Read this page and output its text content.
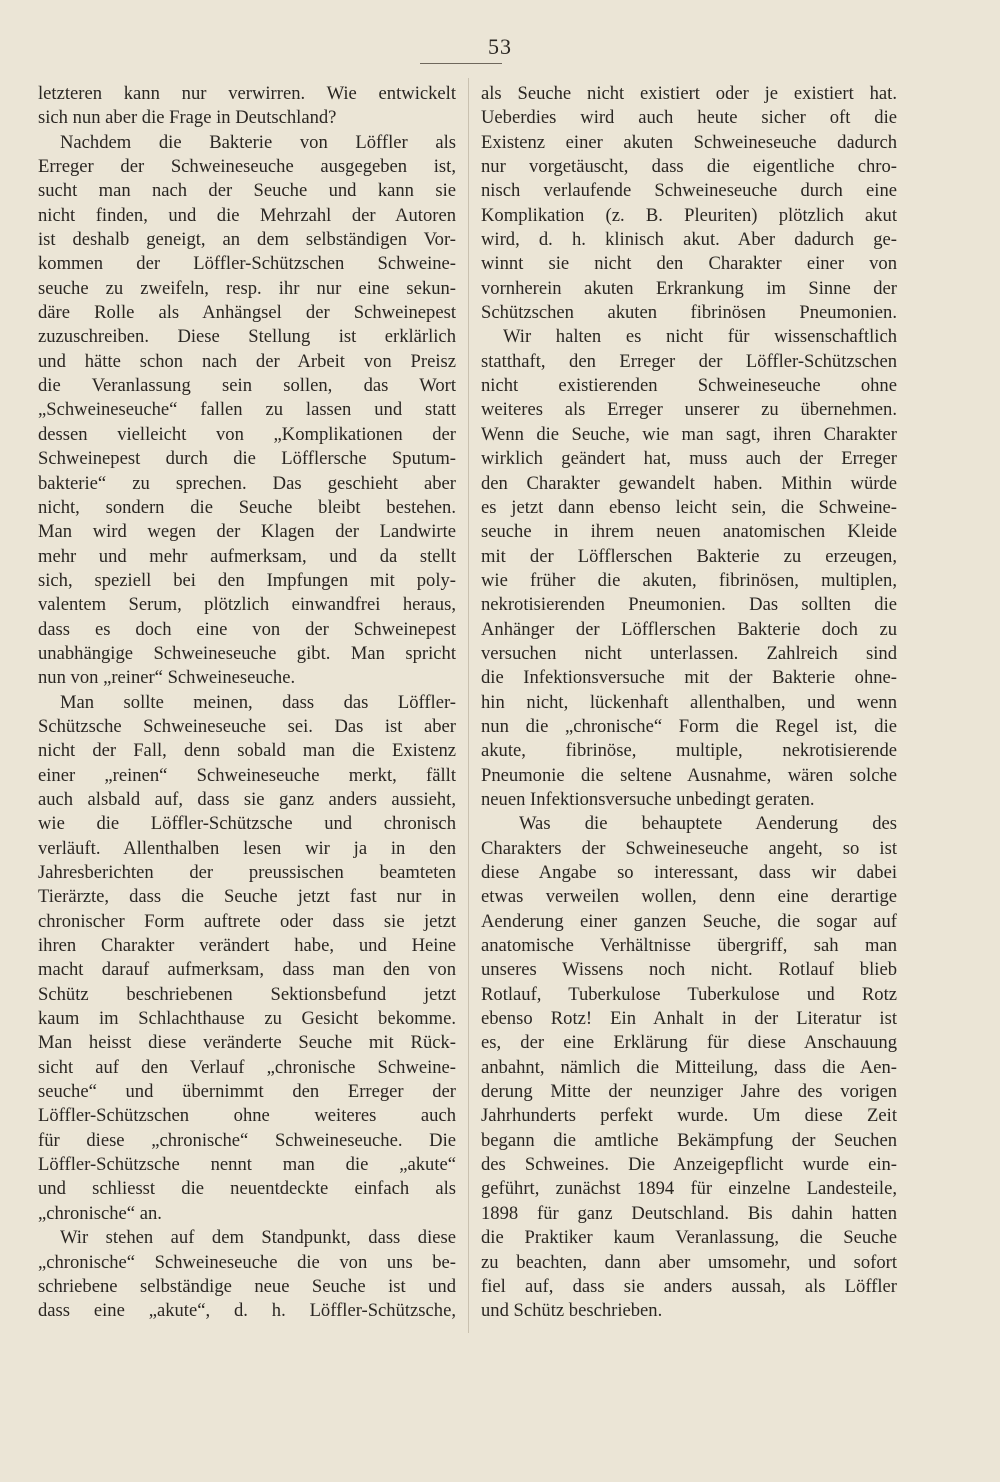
53
letzteren kann nur verwirren. Wie entwickelt
sich nun aber die Frage in Deutschland?
Nachdem die Bakterie von Löffler als
Erreger der Schweineseuche ausgegeben ist,
sucht man nach der Seuche und kann sie
nicht finden, und die Mehrzahl der Autoren
ist deshalb geneigt, an dem selbständigen Vor-
kommen der Löffler-Schützschen Schweine-
seuche zu zweifeln, resp. ihr nur eine sekun-
däre Rolle als Anhängsel der Schweinepest
zuzuschreiben. Diese Stellung ist erklärlich
und hätte schon nach der Arbeit von Preisz
die Veranlassung sein sollen, das Wort
„Schweineseuche“ fallen zu lassen und statt
dessen vielleicht von „Komplikationen der
Schweinepest durch die Löfflersche Sputum-
bakterie“ zu sprechen. Das geschieht aber
nicht, sondern die Seuche bleibt bestehen.
Man wird wegen der Klagen der Landwirte
mehr und mehr aufmerksam, und da stellt
sich, speziell bei den Impfungen mit poly-
valentem Serum, plötzlich einwandfrei heraus,
dass es doch eine von der Schweinepest
unabhängige Schweineseuche gibt. Man spricht
nun von „reiner“ Schweineseuche.
Man sollte meinen, dass das Löffler-
Schützsche Schweineseuche sei. Das ist aber
nicht der Fall, denn sobald man die Existenz
einer „reinen“ Schweineseuche merkt, fällt
auch alsbald auf, dass sie ganz anders aussieht,
wie die Löffler-Schützsche und chronisch
verläuft. Allenthalben lesen wir ja in den
Jahresberichten der preussischen beamteten
Tierärzte, dass die Seuche jetzt fast nur in
chronischer Form auftrete oder dass sie jetzt
ihren Charakter verändert habe, und Heine
macht darauf aufmerksam, dass man den von
Schütz beschriebenen Sektionsbefund jetzt
kaum im Schlachthause zu Gesicht bekomme.
Man heisst diese veränderte Seuche mit Rück-
sicht auf den Verlauf „chronische Schweine-
seuche“ und übernimmt den Erreger der
Löffler-Schützschen ohne weiteres auch
für diese „chronische“ Schweineseuche. Die
Löffler-Schützsche nennt man die „akute“
und schliesst die neuentdeckte einfach als
„chronische“ an.
Wir stehen auf dem Standpunkt, dass diese
„chronische“ Schweineseuche die von uns be-
schriebene selbständige neue Seuche ist und
dass eine „akute“, d. h. Löffler-Schützsche,
als Seuche nicht existiert oder je existiert hat.
Ueberdies wird auch heute sicher oft die
Existenz einer akuten Schweineseuche dadurch
nur vorgetäuscht, dass die eigentliche chro-
nisch verlaufende Schweineseuche durch eine
Komplikation (z. B. Pleuriten) plötzlich akut
wird, d. h. klinisch akut. Aber dadurch ge-
winnt sie nicht den Charakter einer von
vornherein akuten Erkrankung im Sinne der
Schützschen akuten fibrinösen Pneumonien.
Wir halten es nicht für wissenschaftlich
statthaft, den Erreger der Löffler-Schützschen
nicht existierenden Schweineseuche ohne
weiteres als Erreger unserer zu übernehmen.
Wenn die Seuche, wie man sagt, ihren Charakter
wirklich geändert hat, muss auch der Erreger
den Charakter gewandelt haben. Mithin würde
es jetzt dann ebenso leicht sein, die Schweine-
seuche in ihrem neuen anatomischen Kleide
mit der Löfflerschen Bakterie zu erzeugen,
wie früher die akuten, fibrinösen, multiplen,
nekrotisierenden Pneumonien. Das sollten die
Anhänger der Löfflerschen Bakterie doch zu
versuchen nicht unterlassen. Zahlreich sind
die Infektionsversuche mit der Bakterie ohne-
hin nicht, lückenhaft allenthalben, und wenn
nun die „chronische“ Form die Regel ist, die
akute, fibrinöse, multiple, nekrotisierende
Pneumonie die seltene Ausnahme, wären solche
neuen Infektionsversuche unbedingt geraten.
Was die behauptete Aenderung des
Charakters der Schweineseuche angeht, so ist
diese Angabe so interessant, dass wir dabei
etwas verweilen wollen, denn eine derartige
Aenderung einer ganzen Seuche, die sogar auf
anatomische Verhältnisse übergriff, sah man
unseres Wissens noch nicht. Rotlauf blieb
Rotlauf, Tuberkulose Tuberkulose und Rotz
ebenso Rotz! Ein Anhalt in der Literatur ist
es, der eine Erklärung für diese Anschauung
anbahnt, nämlich die Mitteilung, dass die Aen-
derung Mitte der neunziger Jahre des vorigen
Jahrhunderts perfekt wurde. Um diese Zeit
begann die amtliche Bekämpfung der Seuchen
des Schweines. Die Anzeigepflicht wurde ein-
geführt, zunächst 1894 für einzelne Landesteile,
1898 für ganz Deutschland. Bis dahin hatten
die Praktiker kaum Veranlassung, die Seuche
zu beachten, dann aber umsomehr, und sofort
fiel auf, dass sie anders aussah, als Löffler
und Schütz beschrieben.
